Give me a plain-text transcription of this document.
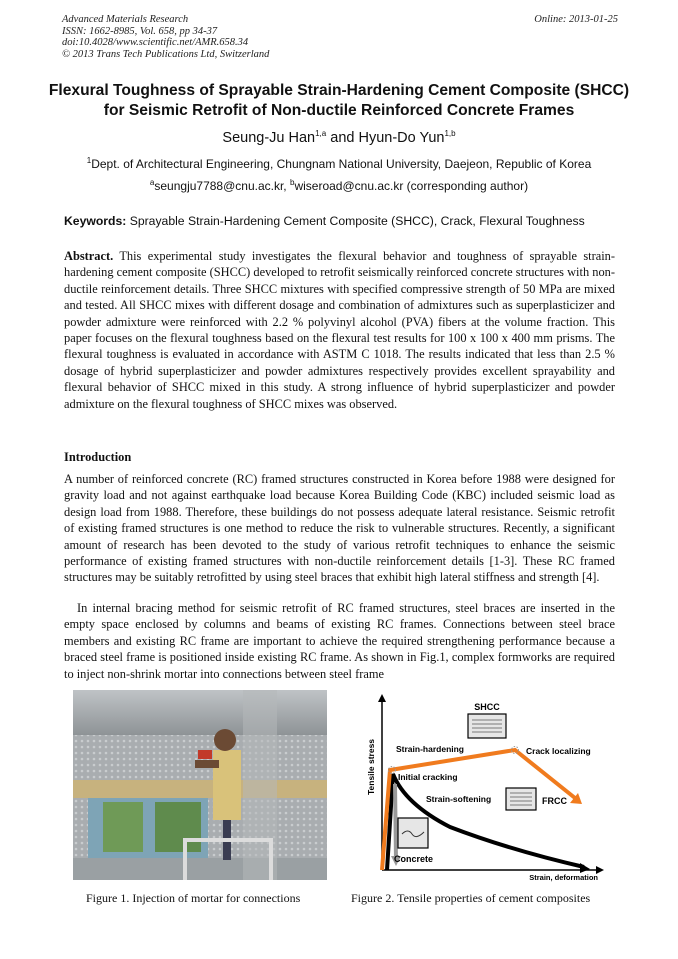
Advanced Materials Research
ISSN: 1662-8985, Vol. 658, pp 34-37
doi:10.4028/www.scientific.net/AMR.658.34
© 2013 Trans Tech Publications Ltd, Switzerland
Online: 2013-01-25
Flexural Toughness of Sprayable Strain-Hardening Cement Composite (SHCC) for Seismic Retrofit of Non-ductile Reinforced Concrete Frames
Seung-Ju Han$^{1,a}$ and Hyun-Do Yun$^{1,b}$
$^1$Dept. of Architectural Engineering, Chungnam National University, Daejeon, Republic of Korea
$^a$seungju7788@cnu.ac.kr, $^b$wiseroad@cnu.ac.kr (corresponding author)
Keywords: Sprayable Strain-Hardening Cement Composite (SHCC), Crack, Flexural Toughness
Abstract. This experimental study investigates the flexural behavior and toughness of sprayable strain-hardening cement composite (SHCC) developed to retrofit seismically reinforced concrete structures with non-ductile reinforcement details. Three SHCC mixtures with specified compressive strength of 50 MPa are mixed and tested. All SHCC mixes with different dosage and combination of admixtures such as superplasticizer and powder admixture were reinforced with 2.2 % polyvinyl alcohol (PVA) fibers at the volume fraction. This paper focuses on the flexural toughness based on the flexural test results for 100 x 100 x 400 mm prisms. The flexural toughness is evaluated in accordance with ASTM C 1018. The results indicated that less than 2.5 % dosage of hybrid superplasticizer and powder admixtures respectively provides excellent sprayability and flexural behavior of SHCC mixed in this study. A strong influence of hybrid superplasticizer and powder admixture on the flexural toughness of SHCC mixes was observed.
Introduction
A number of reinforced concrete (RC) framed structures constructed in Korea before 1988 were designed for gravity load and not against earthquake load because Korea Building Code (KBC) included seismic load as design load from 1988. Therefore, these buildings do not possess adequate lateral resistance. Seismic retrofit of existing framed structures is one method to reduce the risk to vulnerable structures. Recently, a significant amount of research has been devoted to the study of various retrofit techniques to enhance the seismic performance of existing framed structures with non-ductile reinforcement details [1-3]. These RC framed structures may be suitably retrofitted by using steel braces that exhibit high lateral stiffness and strength [4].
In internal bracing method for seismic retrofit of RC framed structures, steel braces are inserted in the empty space enclosed by columns and beams of existing RC frames. Connections between steel brace members and existing RC frame are important to achieve the required strengthening performance because a braced steel frame is positioned inside existing RC frame. As shown in Fig.1, complex formworks are required to inject non-shrink mortar into connections between steel frame
Figure 1. Injection of mortar for connections
Tensile stress
Strain, deformation
SHCC
Strain-hardening	Crack localizing
Initial cracking
Strain-softening	FRCC
Concrete
Figure 2. Tensile properties of cement composites
